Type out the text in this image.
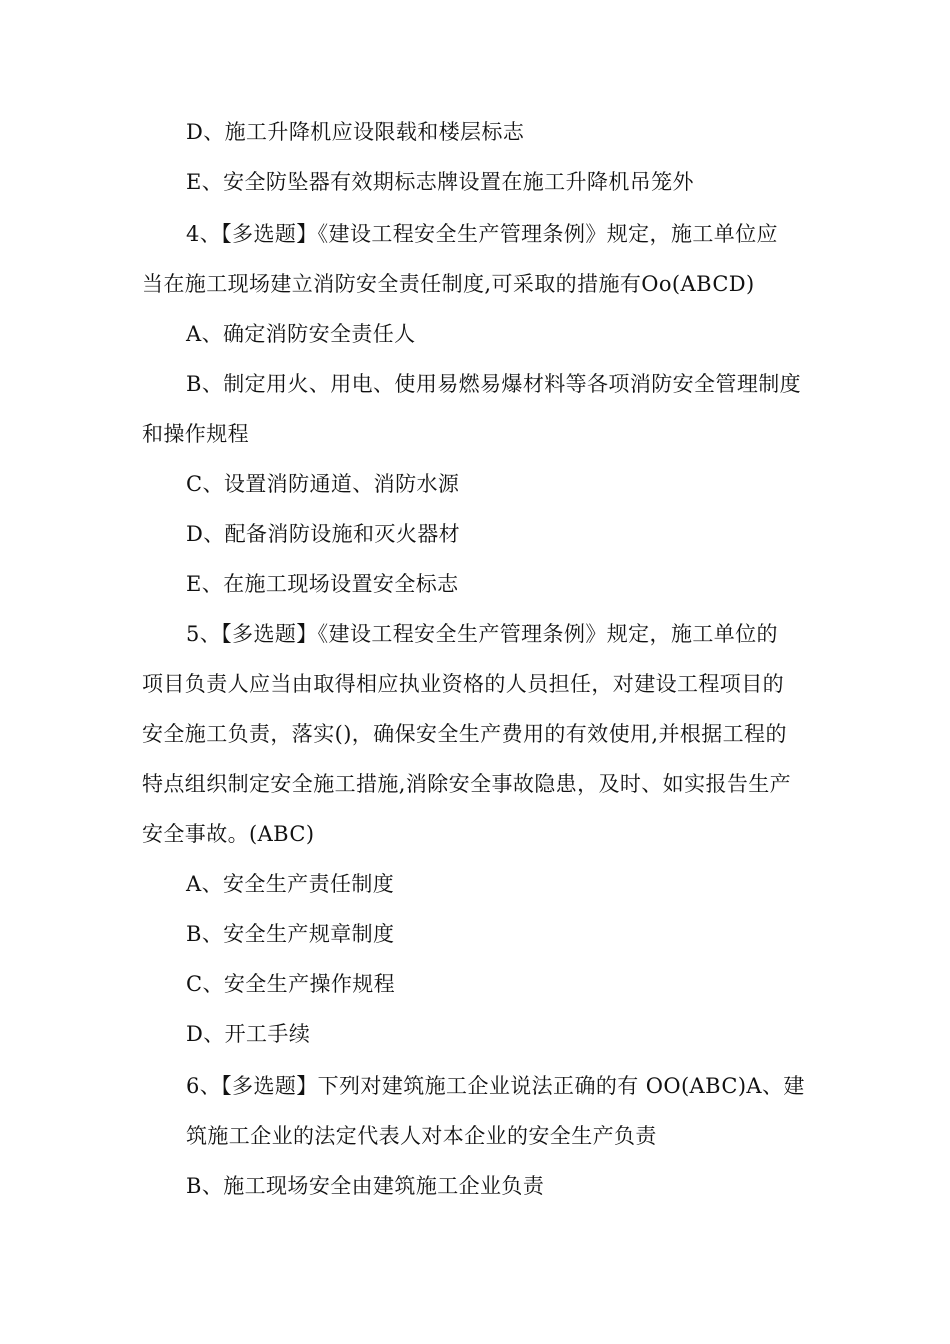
D、施工升降机应设限载和楼层标志
E、安全防坠器有效期标志牌设置在施工升降机吊笼外
4、【多选题】《建设工程安全生产管理条例》规定，施工单位应
当在施工现场建立消防安全责任制度,可采取的措施有Oo(ABCD)
A、确定消防安全责任人
B、制定用火、用电、使用易燃易爆材料等各项消防安全管理制度
和操作规程
C、设置消防通道、消防水源
D、配备消防设施和灭火器材
E、在施工现场设置安全标志
5、【多选题】《建设工程安全生产管理条例》规定，施工单位的
项目负责人应当由取得相应执业资格的人员担任，对建设工程项目的
安全施工负责，落实()，确保安全生产费用的有效使用,并根据工程的
特点组织制定安全施工措施,消除安全事故隐患，及时、如实报告生产
安全事故。(ABC)
A、安全生产责任制度
B、安全生产规章制度
C、安全生产操作规程
D、开工手续
6、【多选题】下列对建筑施工企业说法正确的有 OO(ABC)A、建
筑施工企业的法定代表人对本企业的安全生产负责
B、施工现场安全由建筑施工企业负责
